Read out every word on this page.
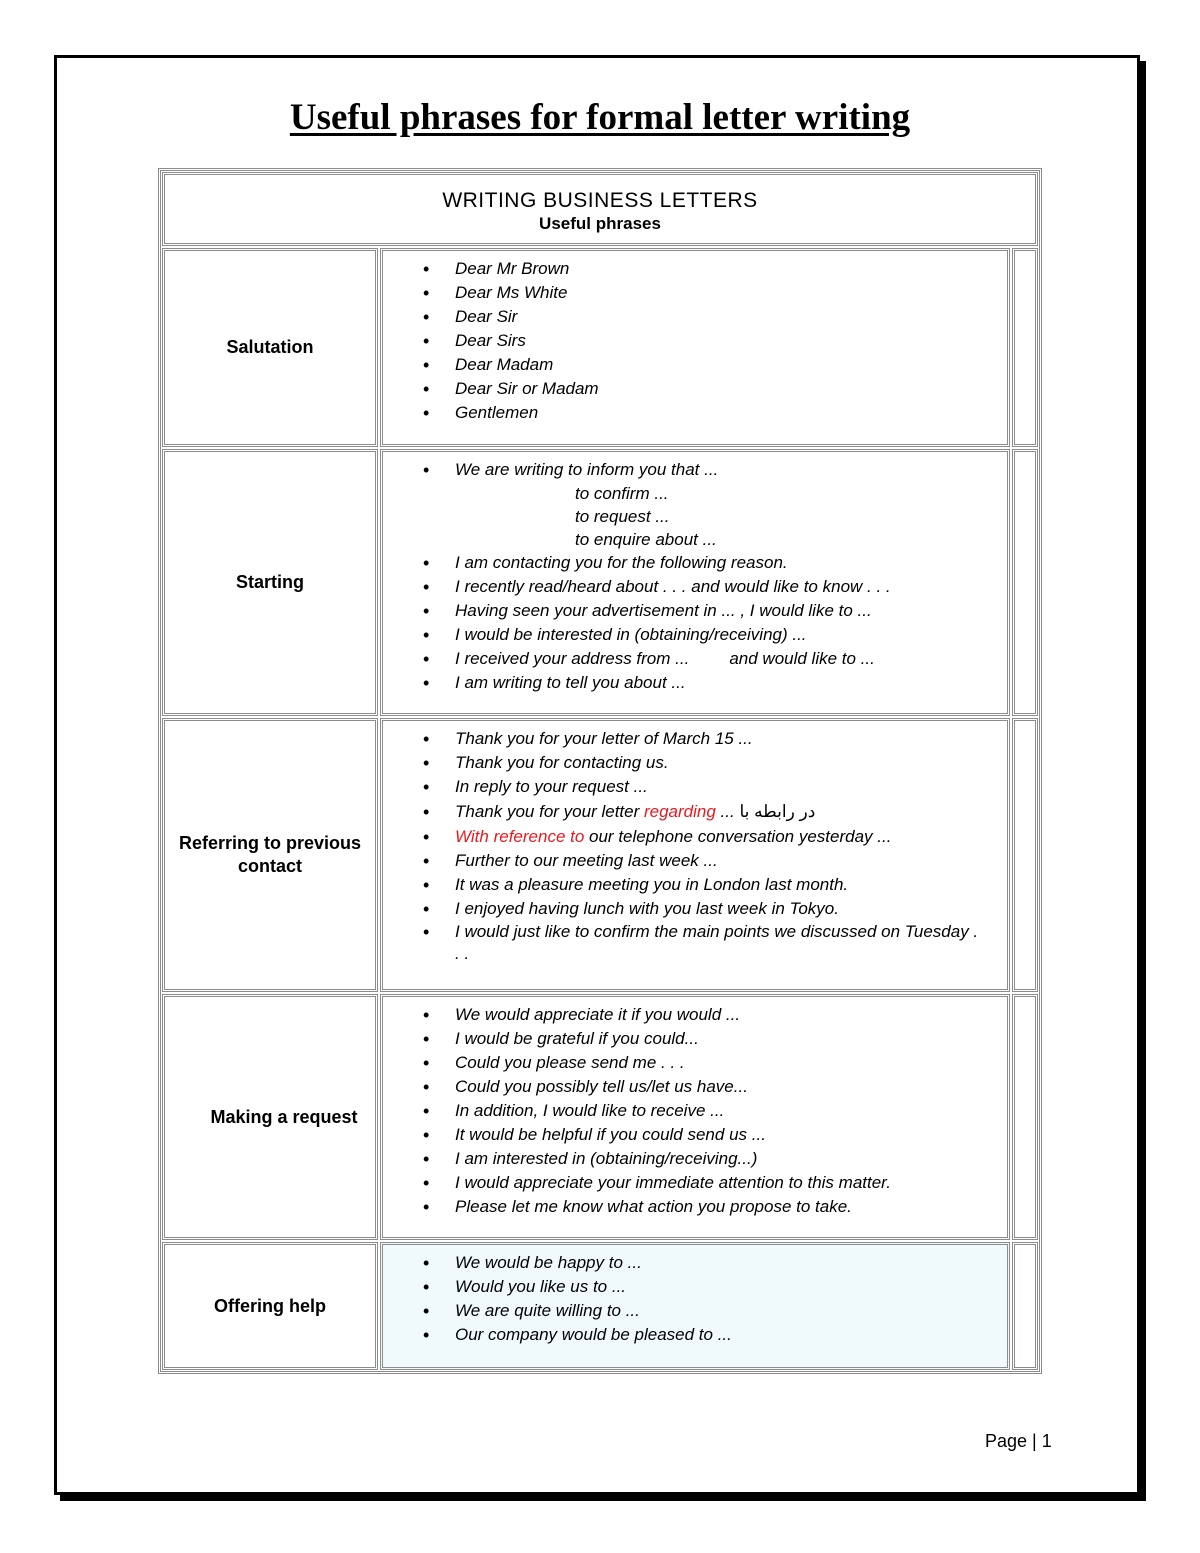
Useful phrases for formal letter writing
WRITING BUSINESS LETTERS
Useful phrases
Salutation
• Dear Mr Brown
• Dear Ms White
• Dear Sir
• Dear Sirs
• Dear Madam
• Dear Sir or Madam
• Gentlemen
Starting
• We are writing to inform you that ...
to confirm ...
to request ...
to enquire about ...
• I am contacting you for the following reason.
• I recently read/heard about . . . and would like to know . . .
• Having seen your advertisement in ... , I would like to ...
• I would be interested in (obtaining/receiving) ...
• I received your address from ... and would like to ...
• I am writing to tell you about ...
Referring to previous contact
• Thank you for your letter of March 15 ...
• Thank you for contacting us.
• In reply to your request ...
• Thank you for your letter regarding ... در رابطه با
• With reference to our telephone conversation yesterday ...
• Further to our meeting last week ...
• It was a pleasure meeting you in London last month.
• I enjoyed having lunch with you last week in Tokyo.
• I would just like to confirm the main points we discussed on Tuesday . . .
Making a request
• We would appreciate it if you would ...
• I would be grateful if you could...
• Could you please send me . . .
• Could you possibly tell us/let us have...
• In addition, I would like to receive ...
• It would be helpful if you could send us ...
• I am interested in (obtaining/receiving...)
• I would appreciate your immediate attention to this matter.
• Please let me know what action you propose to take.
Offering help
• We would be happy to ...
• Would you like us to ...
• We are quite willing to ...
• Our company would be pleased to ...
Page | 1
